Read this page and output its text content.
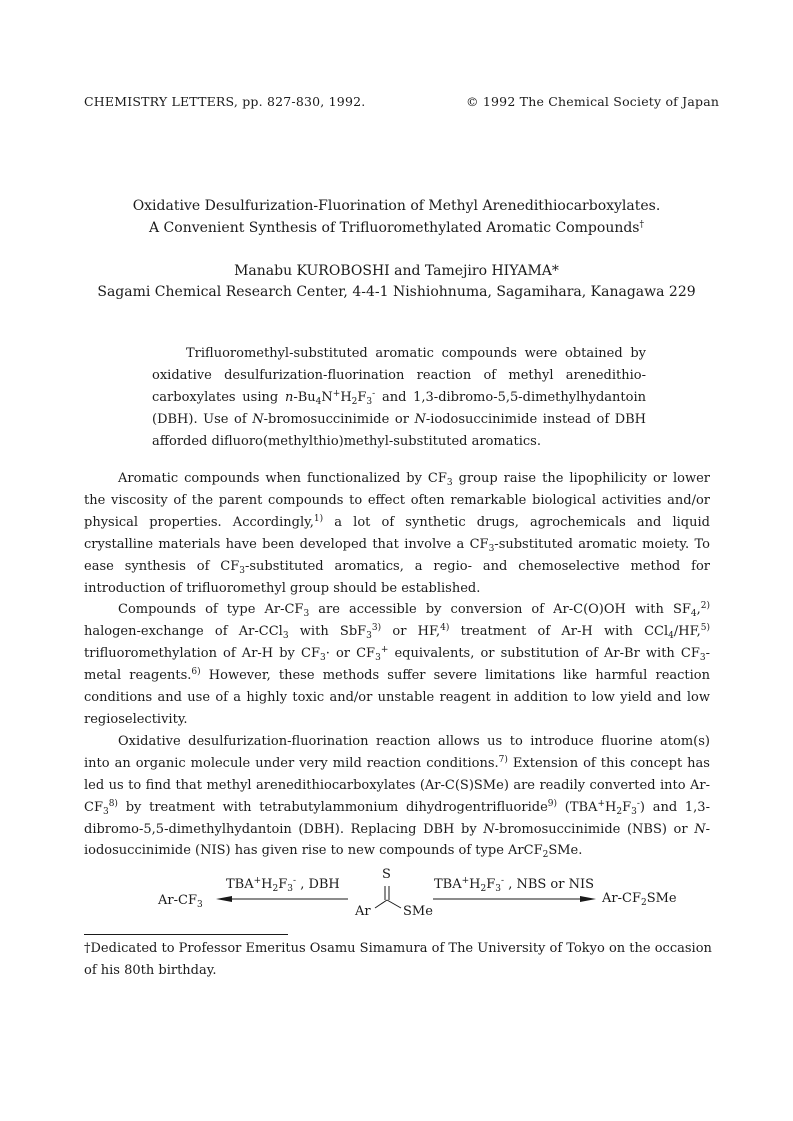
CHEMISTRY LETTERS, pp. 827-830, 1992.	© 1992 The Chemical Society of Japan
Oxidative Desulfurization-Fluorination of Methyl Arenedithiocarboxylates.
A Convenient Synthesis of Trifluoromethylated Aromatic Compounds†
Manabu KUROBOSHI and Tamejiro HIYAMA*
Sagami Chemical Research Center, 4-4-1 Nishiohnuma, Sagamihara, Kanagawa 229

Trifluoromethyl-substituted aromatic compounds were obtained by oxidative desulfurization-fluorination reaction of methyl arenedithiocarboxylates using $n-Bu_4N^+H_2F_3^-$ and 1,3-dibromo-5,5-dimethylhydantoin (DBH). Use of N-bromosuccinimide or N-iodosuccinimide instead of DBH afforded difluoro(methylthio)methyl-substituted aromatics.

Aromatic compounds when functionalized by $CF_3$ group raise the lipophilicity or lower the viscosity of the parent compounds to effect often remarkable biological activities and/or physical properties. Accordingly,$^{1)}$ a lot of synthetic drugs, agrochemicals and liquid crystalline materials have been developed that involve a $CF_3$-substituted aromatic moiety. To ease synthesis of $CF_3$-substituted aromatics, a regio- and chemoselective method for introduction of trifluoromethyl group should be established.

Compounds of type $Ar-CF_3$ are accessible by conversion of Ar-C(O)OH with $SF_4,^{2)}$ halogen-exchange of Ar-CCl$_3$ with SbF$_3^{3)}$ or HF,$^{4)}$ treatment of Ar-H with CCl$_4$/HF,$^{5)}$ trifluoromethylation of Ar-H by $CF_3\cdot$ or $CF_3^+$ equivalents, or substitution of Ar-Br with $CF_3$-metal reagents.$^{6)}$ However, these methods suffer severe limitations like harmful reaction conditions and use of a highly toxic and/or unstable reagent in addition to low yield and low regioselectivity.

Oxidative desulfurization-fluorination reaction allows us to introduce fluorine atom(s) into an organic molecule under very mild reaction conditions.$^{7)}$ Extension of this concept has led us to find that methyl arenedithiocarboxylates (Ar-C(S)SMe) are readily converted into $Ar-CF_3^{8)}$ by treatment with tetrabutylammonium dihydrogentrifluoride$^{9)}$ $(TBA^+H_2F_3^-)$ and 1,3-dibromo-5,5-dimethylhydantoin (DBH). Replacing DBH by N-bromosuccinimide (NBS) or N-iodosuccinimide (NIS) has given rise to new compounds of type ArCF$_2$SMe.

$TBA^+H_2F_3^-$ , DBH
$Ar-CF_3$
S
Ar SMe
$TBA^+H_2F_3^-$ , NBS or NIS
$Ar-CF_2SMe$
†Dedicated to Professor Emeritus Osamu Simamura of The University of Tokyo on the occasion
of his 80th birthday.
